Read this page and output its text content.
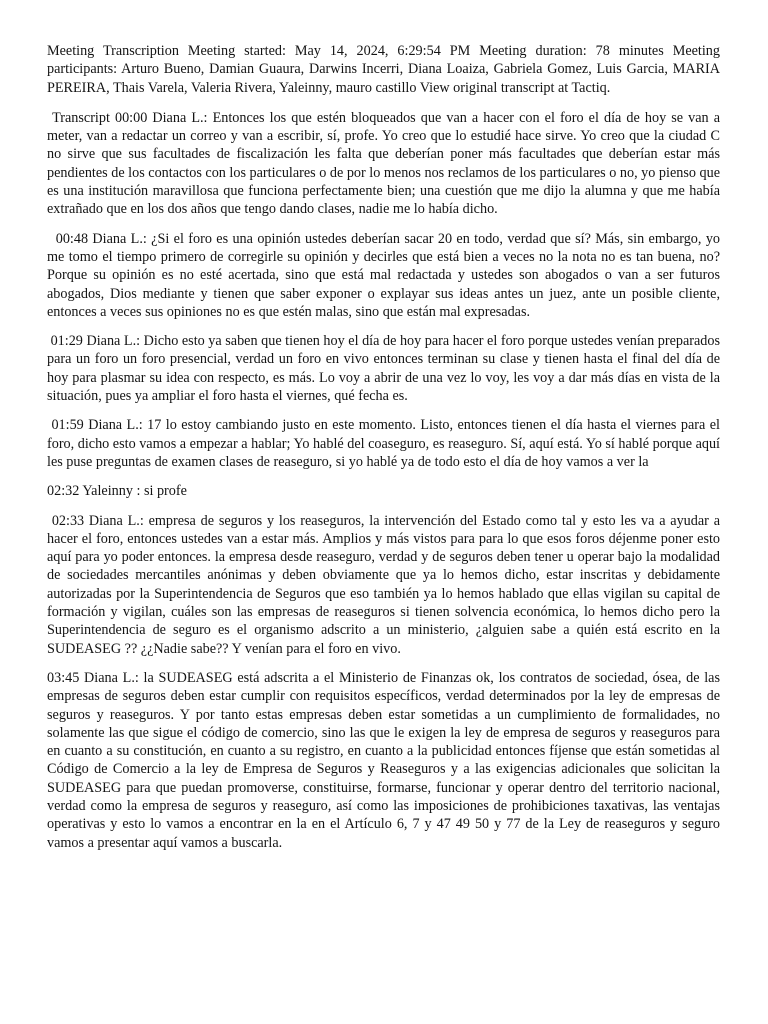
Meeting Transcription Meeting started: May 14, 2024, 6:29:54 PM Meeting duration: 78 minutes Meeting participants: Arturo Bueno, Damian Guaura, Darwins Incerri, Diana Loaiza, Gabriela Gomez, Luis Garcia, MARIA PEREIRA, Thais Varela, Valeria Rivera, Yaleinny, mauro castillo View original transcript at Tactiq.

Transcript 00:00 Diana L.: Entonces los que estén bloqueados que van a hacer con el foro el día de hoy se van a meter, van a redactar un correo y van a escribir, sí, profe. Yo creo que lo estudié hace sirve. Yo creo que la ciudad C no sirve que sus facultades de fiscalización les falta que deberían poner más facultades que deberían estar más pendientes de los contactos con los particulares o de por lo menos nos reclamos de los particulares o no, yo pienso que es una institución maravillosa que funciona perfectamente bien; una cuestión que me dijo la alumna y que me había extrañado que en los dos años que tengo dando clases, nadie me lo había dicho.

00:48 Diana L.: ¿Si el foro es una opinión ustedes deberían sacar 20 en todo, verdad que sí? Más, sin embargo, yo me tomo el tiempo primero de corregirle su opinión y decirles que está bien a veces no la nota no es tan buena, no? Porque su opinión es no esté acertada, sino que está mal redactada y ustedes son abogados o van a ser futuros abogados, Dios mediante y tienen que saber exponer o explayar sus ideas antes un juez, ante un posible cliente, entonces a veces sus opiniones no es que estén malas, sino que están mal expresadas.

01:29 Diana L.: Dicho esto ya saben que tienen hoy el día de hoy para hacer el foro porque ustedes venían preparados para un foro un foro presencial, verdad un foro en vivo entonces terminan su clase y tienen hasta el final del día de hoy para plasmar su idea con respecto, es más. Lo voy a abrir de una vez lo voy, les voy a dar más días en vista de la situación, pues ya ampliar el foro hasta el viernes, qué fecha es.

01:59 Diana L.: 17 lo estoy cambiando justo en este momento. Listo, entonces tienen el día hasta el viernes para el foro, dicho esto vamos a empezar a hablar; Yo hablé del coaseguro, es reaseguro. Sí, aquí está. Yo sí hablé porque aquí les puse preguntas de examen clases de reaseguro, si yo hablé ya de todo esto el día de hoy vamos a ver la

02:32 Yaleinny : si profe

02:33 Diana L.: empresa de seguros y los reaseguros, la intervención del Estado como tal y esto les va a ayudar a hacer el foro, entonces ustedes van a estar más. Amplios y más vistos para para lo que esos foros déjenme poner esto aquí para yo poder entonces. la empresa desde reaseguro, verdad y de seguros deben tener u operar bajo la modalidad de sociedades mercantiles anónimas y deben obviamente que ya lo hemos dicho, estar inscritas y debidamente autorizadas por la Superintendencia de Seguros que eso también ya lo hemos hablado que ellas vigilan su capital de formación y vigilan, cuáles son las empresas de reaseguros si tienen solvencia económica, lo hemos dicho pero la Superintendencia de seguro es el organismo adscrito a un ministerio, ¿alguien sabe a quién está escrito en la SUDEASEG ?? ¿¿Nadie sabe?? Y venían para el foro en vivo.

03:45 Diana L.: la SUDEASEG está adscrita a el Ministerio de Finanzas ok, los contratos de sociedad, ósea, de las empresas de seguros deben estar cumplir con requisitos específicos, verdad determinados por la ley de empresas de seguros y reaseguros. Y por tanto estas empresas deben estar sometidas a un cumplimiento de formalidades, no solamente las que sigue el código de comercio, sino las que le exigen la ley de empresa de seguros y reaseguros para en cuanto a su constitución, en cuanto a su registro, en cuanto a la publicidad entonces fíjense que están sometidas al Código de Comercio a la ley de Empresa de Seguros y Reaseguros y a las exigencias adicionales que solicitan la SUDEASEG para que puedan promoverse, constituirse, formarse, funcionar y operar dentro del territorio nacional, verdad como la empresa de seguros y reaseguro, así como las imposiciones de prohibiciones taxativas, las ventajas operativas y esto lo vamos a encontrar en la en el Artículo 6, 7 y 47 49 50 y 77 de la Ley de reaseguros y seguro vamos a presentar aquí vamos a buscarla.
